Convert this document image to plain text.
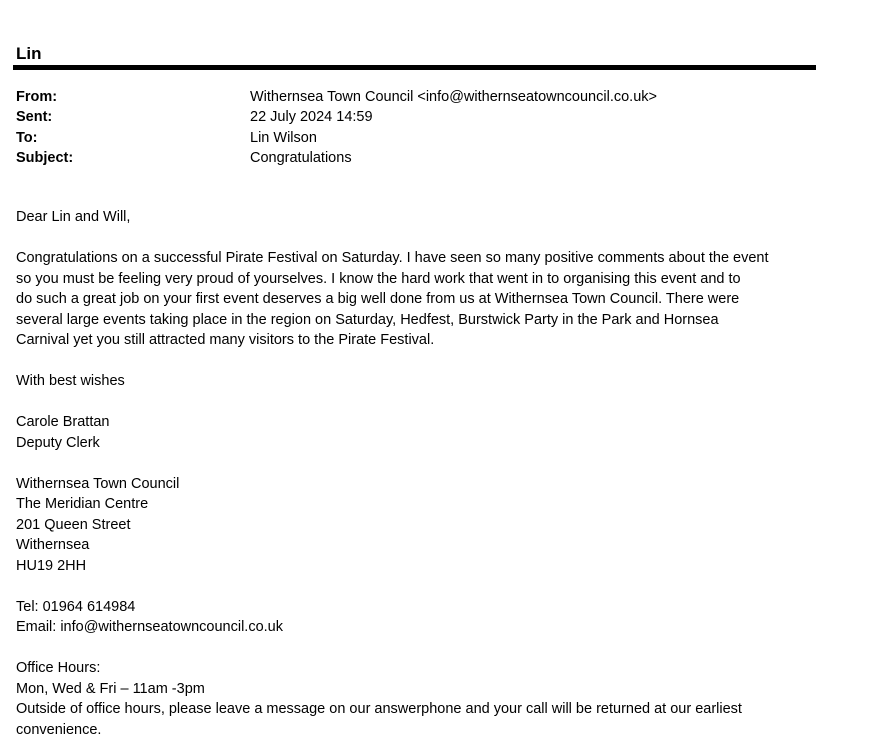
Lin
From:	Withernsea Town Council <info@withernseatowncouncil.co.uk>
Sent:	22 July 2024 14:59
To:	Lin Wilson
Subject:	Congratulations
Dear Lin and Will,
Congratulations on a successful Pirate Festival on Saturday. I have seen so many positive comments about the event
so you must be feeling very proud of yourselves. I know the hard work that went in to organising this event and to
do such a great job on your first event deserves a big well done from us at Withernsea Town Council. There were
several large events taking place in the region on Saturday, Hedfest, Burstwick Party in the Park and Hornsea
Carnival yet you still attracted many visitors to the Pirate Festival.
With best wishes
Carole Brattan
Deputy Clerk
Withernsea Town Council
The Meridian Centre
201 Queen Street
Withernsea
HU19 2HH
Tel: 01964 614984
Email: info@withernseatowncouncil.co.uk
Office Hours:
Mon, Wed & Fri – 11am -3pm
Outside of office hours, please leave a message on our answerphone and your call will be returned at our earliest
convenience.
